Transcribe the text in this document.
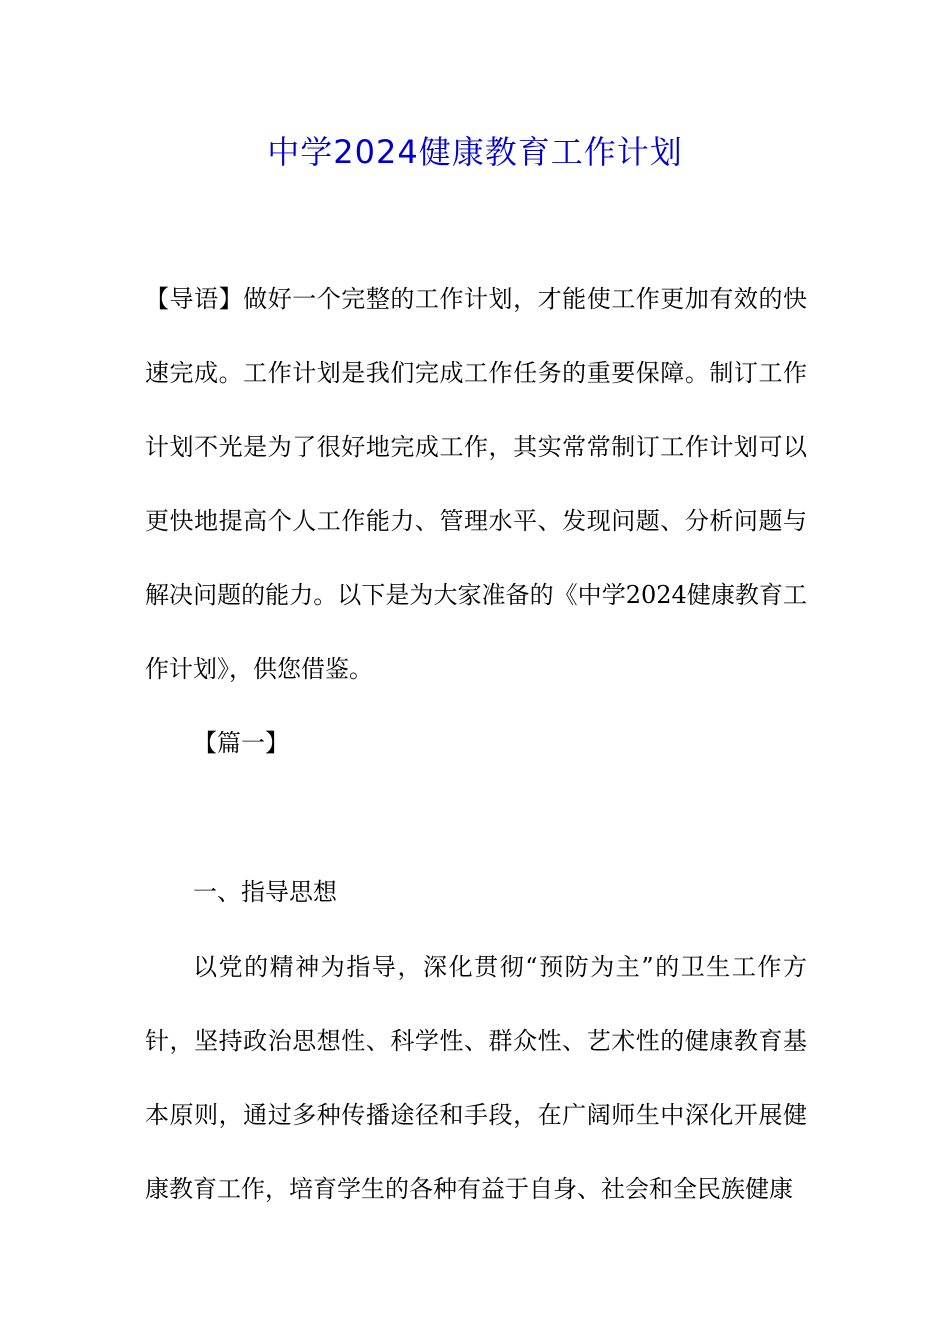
中学2024健康教育工作计划
【导语】做好一个完整的工作计划，才能使工作更加有效的快速完成。工作计划是我们完成工作任务的重要保障。制订工作计划不光是为了很好地完成工作，其实常常制订工作计划可以更快地提高个人工作能力、管理水平、发现问题、分析问题与解决问题的能力。以下是为大家准备的《中学2024健康教育工作计划》，供您借鉴。
【篇一】
一、指导思想
以党的精神为指导，深化贯彻“预防为主”的卫生工作方针，坚持政治思想性、科学性、群众性、艺术性的健康教育基本原则，通过多种传播途径和手段，在广阔师生中深化开展健康教育工作，培育学生的各种有益于自身、社会和全民族健康
